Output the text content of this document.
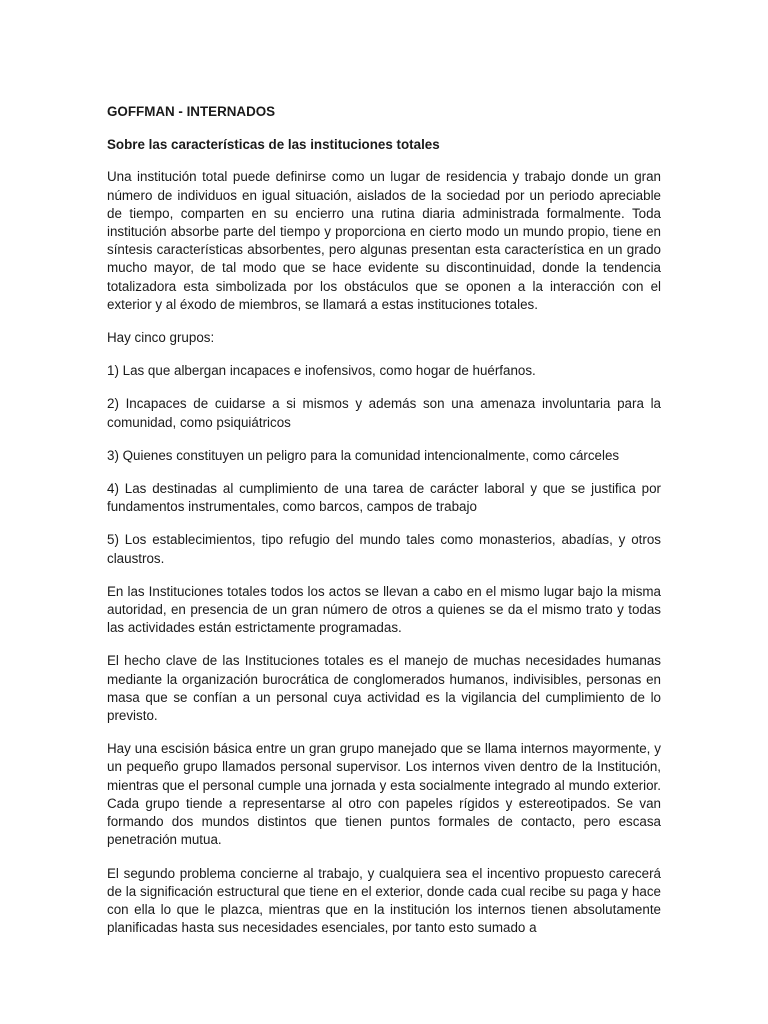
GOFFMAN - INTERNADOS

Sobre las características de las instituciones totales

Una institución total puede definirse como un lugar de residencia y trabajo donde un gran número de individuos en igual situación, aislados de la sociedad por un periodo apreciable de tiempo, comparten en su encierro una rutina diaria administrada formalmente. Toda institución absorbe parte del tiempo y proporciona en cierto modo un mundo propio, tiene en síntesis características absorbentes, pero algunas presentan esta característica en un grado mucho mayor, de tal modo que se hace evidente su discontinuidad, donde la tendencia totalizadora esta simbolizada por los obstáculos que se oponen a la interacción con el exterior y al éxodo de miembros, se llamará a estas instituciones totales.

Hay cinco grupos:

1) Las que albergan incapaces e inofensivos, como hogar de huérfanos.

2) Incapaces de cuidarse a si mismos y además son una amenaza involuntaria para la comunidad, como psiquiátricos

3) Quienes constituyen un peligro para la comunidad intencionalmente, como cárceles

4) Las destinadas al cumplimiento de una tarea de carácter laboral y que se justifica por fundamentos instrumentales, como barcos, campos de trabajo

5) Los establecimientos, tipo refugio del mundo tales como monasterios, abadías, y otros claustros.

En las Instituciones totales todos los actos se llevan a cabo en el mismo lugar bajo la misma autoridad, en presencia de un gran número de otros a quienes se da el mismo trato y todas las actividades están estrictamente programadas.

El hecho clave de las Instituciones totales es el manejo de muchas necesidades humanas mediante la organización burocrática de conglomerados humanos, indivisibles, personas en masa que se confían a un personal cuya actividad es la vigilancia del cumplimiento de lo previsto.

Hay una escisión básica entre un gran grupo manejado que se llama internos mayormente, y un pequeño grupo llamados personal supervisor. Los internos viven dentro de la Institución, mientras que el personal cumple una jornada y esta socialmente integrado al mundo exterior. Cada grupo tiende a representarse al otro con papeles rígidos y estereotipados. Se van formando dos mundos distintos que tienen puntos formales de contacto, pero escasa penetración mutua.

El segundo problema concierne al trabajo, y cualquiera sea el incentivo propuesto carecerá de la significación estructural que tiene en el exterior, donde cada cual recibe su paga y hace con ella lo que le plazca, mientras que en la institución los internos tienen absolutamente planificadas hasta sus necesidades esenciales, por tanto esto sumado a
